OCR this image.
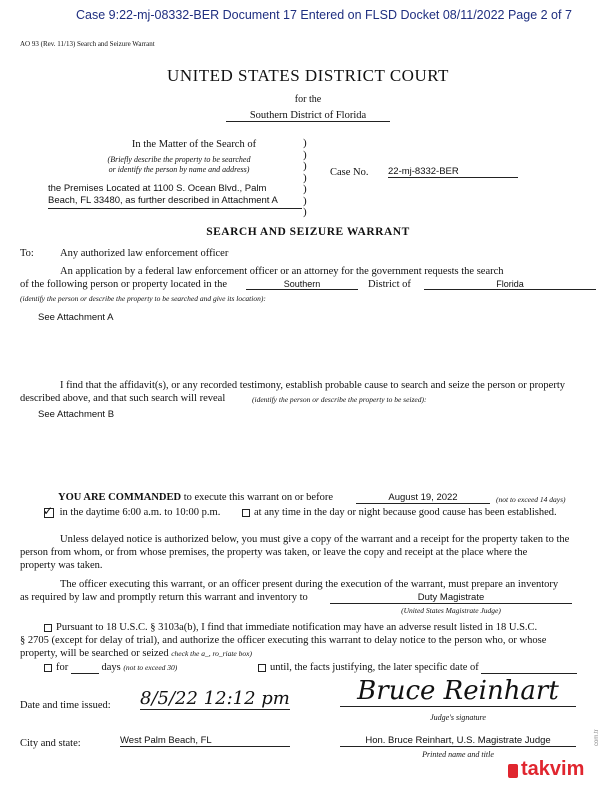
Case 9:22-mj-08332-BER Document 17 Entered on FLSD Docket 08/11/2022 Page 2 of 7
AO 93 (Rev. 11/13) Search and Seizure Warrant
UNITED STATES DISTRICT COURT
for the
Southern District of Florida
In the Matter of the Search of
(Briefly describe the property to be searched
or identify the person by name and address)
the Premises Located at 1100 S. Ocean Blvd., Palm
Beach, FL 33480, as further described in Attachment A
)
)
)
)
)
)
)
Case No. 22-mj-8332-BER
SEARCH AND SEIZURE WARRANT
To: Any authorized law enforcement officer
An application by a federal law enforcement officer or an attorney for the government requests the search
of the following person or property located in the	Southern	District of	Florida
(identify the person or describe the property to be searched and give its location):
See Attachment A
I find that the affidavit(s), or any recorded testimony, establish probable cause to search and seize the person or property
described above, and that such search will reveal	(identify the person or describe the property to be seized):
See Attachment B
YOU ARE COMMANDED to execute this warrant on or before	August 19, 2022	(not to exceed 14 days)
✓ in the daytime 6:00 a.m. to 10:00 p.m.	at any time in the day or night because good cause has been established.
Unless delayed notice is authorized below, you must give a copy of the warrant and a receipt for the property taken to the
person from whom, or from whose premises, the property was taken, or leave the copy and receipt at the place where the
property was taken.
The officer executing this warrant, or an officer present during the execution of the warrant, must prepare an inventory
as required by law and promptly return this warrant and inventory to	Duty Magistrate
(United States Magistrate Judge)
Pursuant to 18 U.S.C. § 3103a(b), I find that immediate notification may have an adverse result listed in 18 U.S.C.
§ 2705 (except for delay of trial), and authorize the officer executing this warrant to delay notice to the person who, or whose
property, will be searched or seized check the a_, ro_riate box)
for	days (not to exceed 30)	until, the facts justifying, the later specific date of
Date and time issued: 8/5/22 12:12 pm	Bruce Reinhart
Judge's signature
City and state:	West Palm Beach, FL	Hon. Bruce Reinhart, U.S. Magistrate Judge
Printed name and title
takvim
com.tr
